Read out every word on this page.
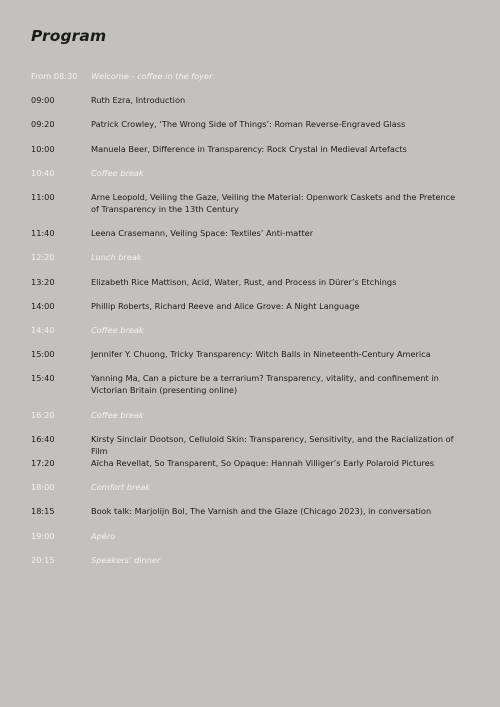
Program
From 08:30	Welcome - coffee in the foyer
09:00	Ruth Ezra, Introduction
09:20	Patrick Crowley, ‘The Wrong Side of Things’: Roman Reverse-Engraved Glass
10:00	Manuela Beer, Difference in Transparency: Rock Crystal in Medieval Artefacts
10:40	Coffee break
11:00	Arne Leopold, Veiling the Gaze, Veiling the Material: Openwork Caskets and the Pretence of Transparency in the 13th Century
11:40	Leena Crasemann, Veiling Space: Textiles’ Anti-matter
12:20	Lunch break
13:20	Elizabeth Rice Mattison, Acid, Water, Rust, and Process in Dürer’s Etchings
14:00	Phillip Roberts, Richard Reeve and Alice Grove: A Night Language
14:40	Coffee break
15:00	Jennifer Y. Chuong, Tricky Transparency: Witch Balls in Nineteenth-Century America
15:40	Yanning Ma, Can a picture be a terrarium? Transparency, vitality, and confinement in Victorian Britain (presenting online)
16:20	Coffee break
16:40	Kirsty Sinclair Dootson, Celluloid Skin: Transparency, Sensitivity, and the Racialization of Film
17:20	Aïcha Revellat, So Transparent, So Opaque: Hannah Villiger’s Early Polaroid Pictures
18:00	Comfort break
18:15	Book talk: Marjolijn Bol, The Varnish and the Glaze (Chicago 2023), in conversation
19:00	Apéro
20:15	Speakers’ dinner
